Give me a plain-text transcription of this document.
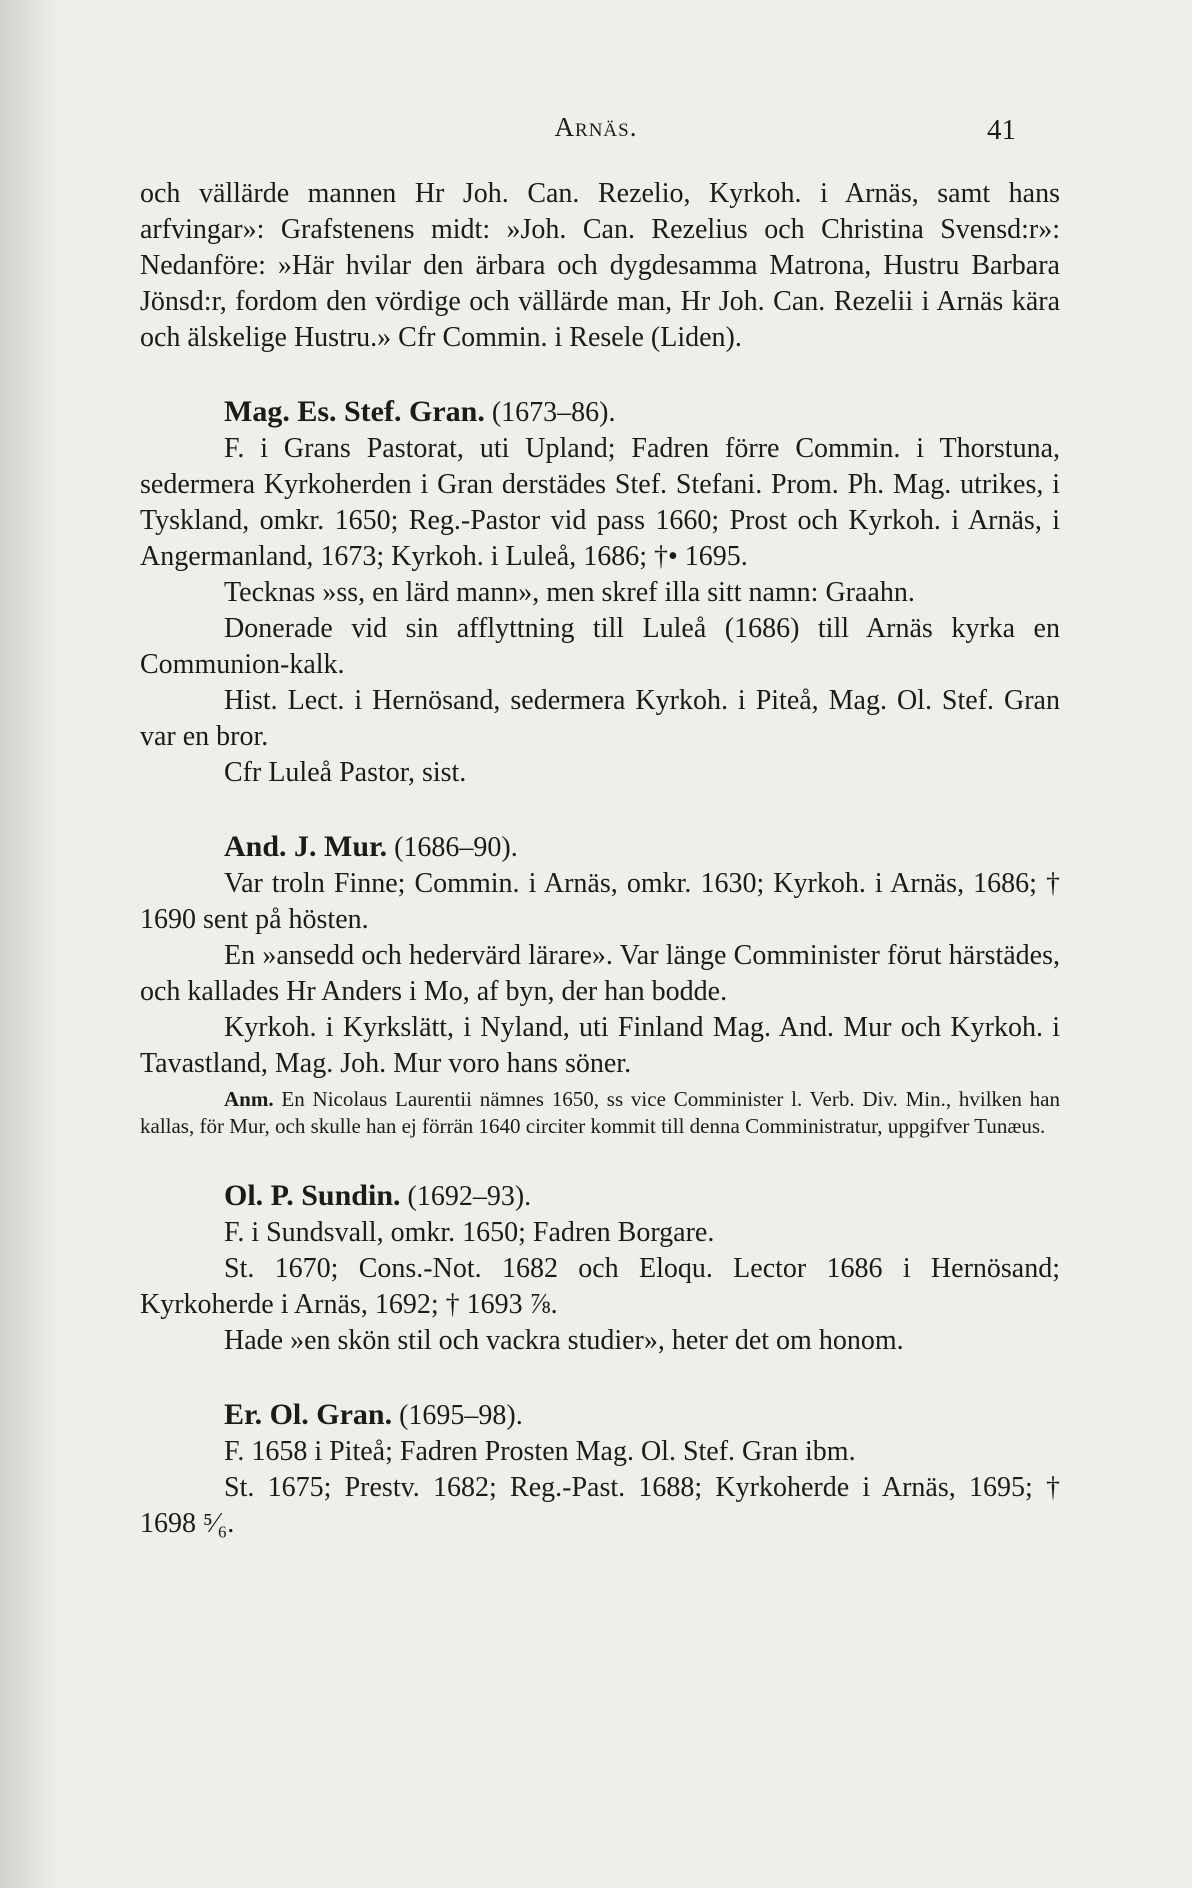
Arnäs.	41

och vällärde mannen Hr Joh. Can. Rezelio, Kyrkoh. i Arnäs, samt hans arfvingar»: Grafstenens midt: »Joh. Can. Rezelius och Christina Svensd:r»: Nedanföre: »Här hvilar den ärbara och dygdesamma Matrona, Hustru Barbara Jönsd:r, fordom den vördige och vällärde man, Hr Joh. Can. Rezelii i Arnäs kära och älskelige Hustru.» Cfr Commin. i Resele (Liden).

Mag. Es. Stef. Gran. (1673–86).

F. i Grans Pastorat, uti Upland; Fadren förre Commin. i Thorstuna, sedermera Kyrkoherden i Gran derstädes Stef. Stefani. Prom. Ph. Mag. utrikes, i Tyskland, omkr. 1650; Reg.-Pastor vid pass 1660; Prost och Kyrkoh. i Arnäs, i Angermanland, 1673; Kyrkoh. i Luleå, 1686; †• 1695.

Tecknas »ss, en lärd mann», men skref illa sitt namn: Graahn.

Donerade vid sin afflyttning till Luleå (1686) till Arnäs kyrka en Communion-kalk.

Hist. Lect. i Hernösand, sedermera Kyrkoh. i Piteå, Mag. Ol. Stef. Gran var en bror.

Cfr Luleå Pastor, sist.

And. J. Mur. (1686–90).

Var troln Finne; Commin. i Arnäs, omkr. 1630; Kyrkoh. i Arnäs, 1686; † 1690 sent på hösten.

En »ansedd och hedervärd lärare». Var länge Comminister förut härstädes, och kallades Hr Anders i Mo, af byn, der han bodde.

Kyrkoh. i Kyrkslätt, i Nyland, uti Finland Mag. And. Mur och Kyrkoh. i Tavastland, Mag. Joh. Mur voro hans söner.

Anm. En Nicolaus Laurentii nämnes 1650, ss vice Comminister l. Verb. Div. Min., hvilken han kallas, för Mur, och skulle han ej förrän 1640 circiter kommit till denna Comministratur, uppgifver Tunæus.

Ol. P. Sundin. (1692–93).

F. i Sundsvall, omkr. 1650; Fadren Borgare.

St. 1670; Cons.-Not. 1682 och Eloqu. Lector 1686 i Hernösand; Kyrkoherde i Arnäs, 1692; † 1693 ⅞.

Hade »en skön stil och vackra studier», heter det om honom.

Er. Ol. Gran. (1695–98).

F. 1658 i Piteå; Fadren Prosten Mag. Ol. Stef. Gran ibm.

St. 1675; Prestv. 1682; Reg.-Past. 1688; Kyrkoherde i Arnäs, 1695; † 1698 ⁵⁄₆.
